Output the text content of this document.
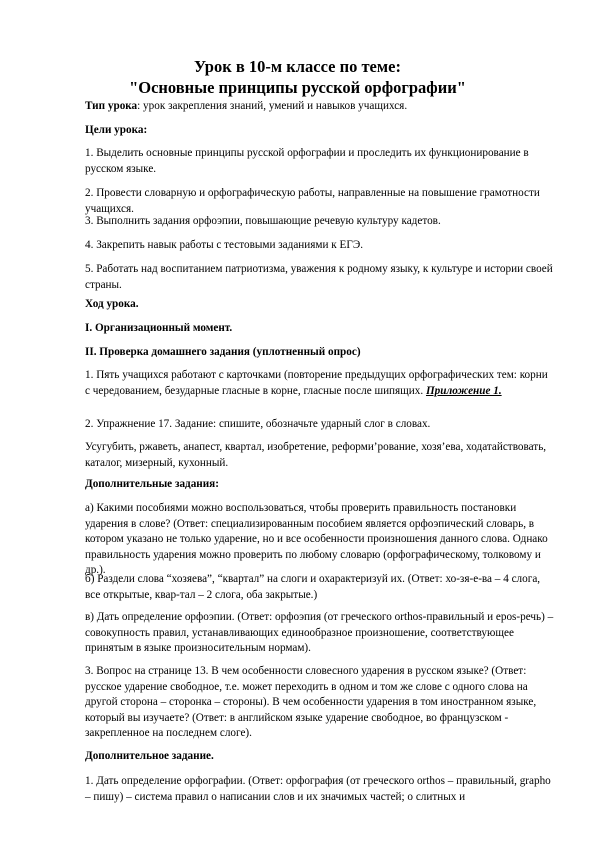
Урок в 10-м классе по теме:
"Основные принципы русской орфографии"
Тип урока: урок закрепления знаний, умений и навыков учащихся.
Цели урока:
1. Выделить основные принципы русской орфографии и проследить их функционирование в русском языке.
2. Провести словарную и орфографическую работы, направленные на повышение грамотности учащихся.
3. Выполнить задания орфоэпии, повышающие речевую культуру кадетов.
4. Закрепить навык работы с тестовыми заданиями к ЕГЭ.
5. Работать над воспитанием патриотизма, уважения к родному языку, к культуре и истории своей страны.
Ход урока.
I. Организационный момент.
II. Проверка домашнего задания (уплотненный опрос)
1. Пять учащихся работают с карточками (повторение предыдущих орфографических тем: корни с чередованием, безударные гласные в корне, гласные после шипящих. Приложение 1.
2. Упражнение 17. Задание: спишите, обозначьте ударный слог в словах.
Усугубить, ржаветь, анапест, квартал, изобретение, реформи’рование, хозя’ева, ходатайствовать, каталог, мизерный, кухонный.
Дополнительные задания:
а) Какими пособиями можно воспользоваться, чтобы проверить правильность постановки ударения в слове? (Ответ: специализированным пособием является орфоэпический словарь, в котором указано не только ударение, но и все особенности произношения данного слова. Однако правильность ударения можно проверить по любому словарю (орфографическому, толковому и др.).
б) Раздели слова “хозяева”, “квартал” на слоги и охарактеризуй их. (Ответ: хо-зя-е-ва – 4 слога, все открытые, квар-тал – 2 слога, оба закрытые.)
в) Дать определение орфоэпии. (Ответ: орфоэпия (от греческого orthos-правильный и epos-речь) – совокупность правил, устанавливающих единообразное произношение, соответствующее принятым в языке произносительным нормам).
3. Вопрос на странице 13. В чем особенности словесного ударения в русском языке? (Ответ: русское ударение свободное, т.е. может переходить в одном и том же слове с одного слова на другой сторона – сторонка – стороны). В чем особенности ударения в том иностранном языке, который вы изучаете? (Ответ: в английском языке ударение свободное, во французском - закрепленное на последнем слоге).
Дополнительное задание.
1. Дать определение орфографии. (Ответ: орфография (от греческого orthos – правильный, grapho – пишу) – система правил о написании слов и их значимых частей; о слитных и
